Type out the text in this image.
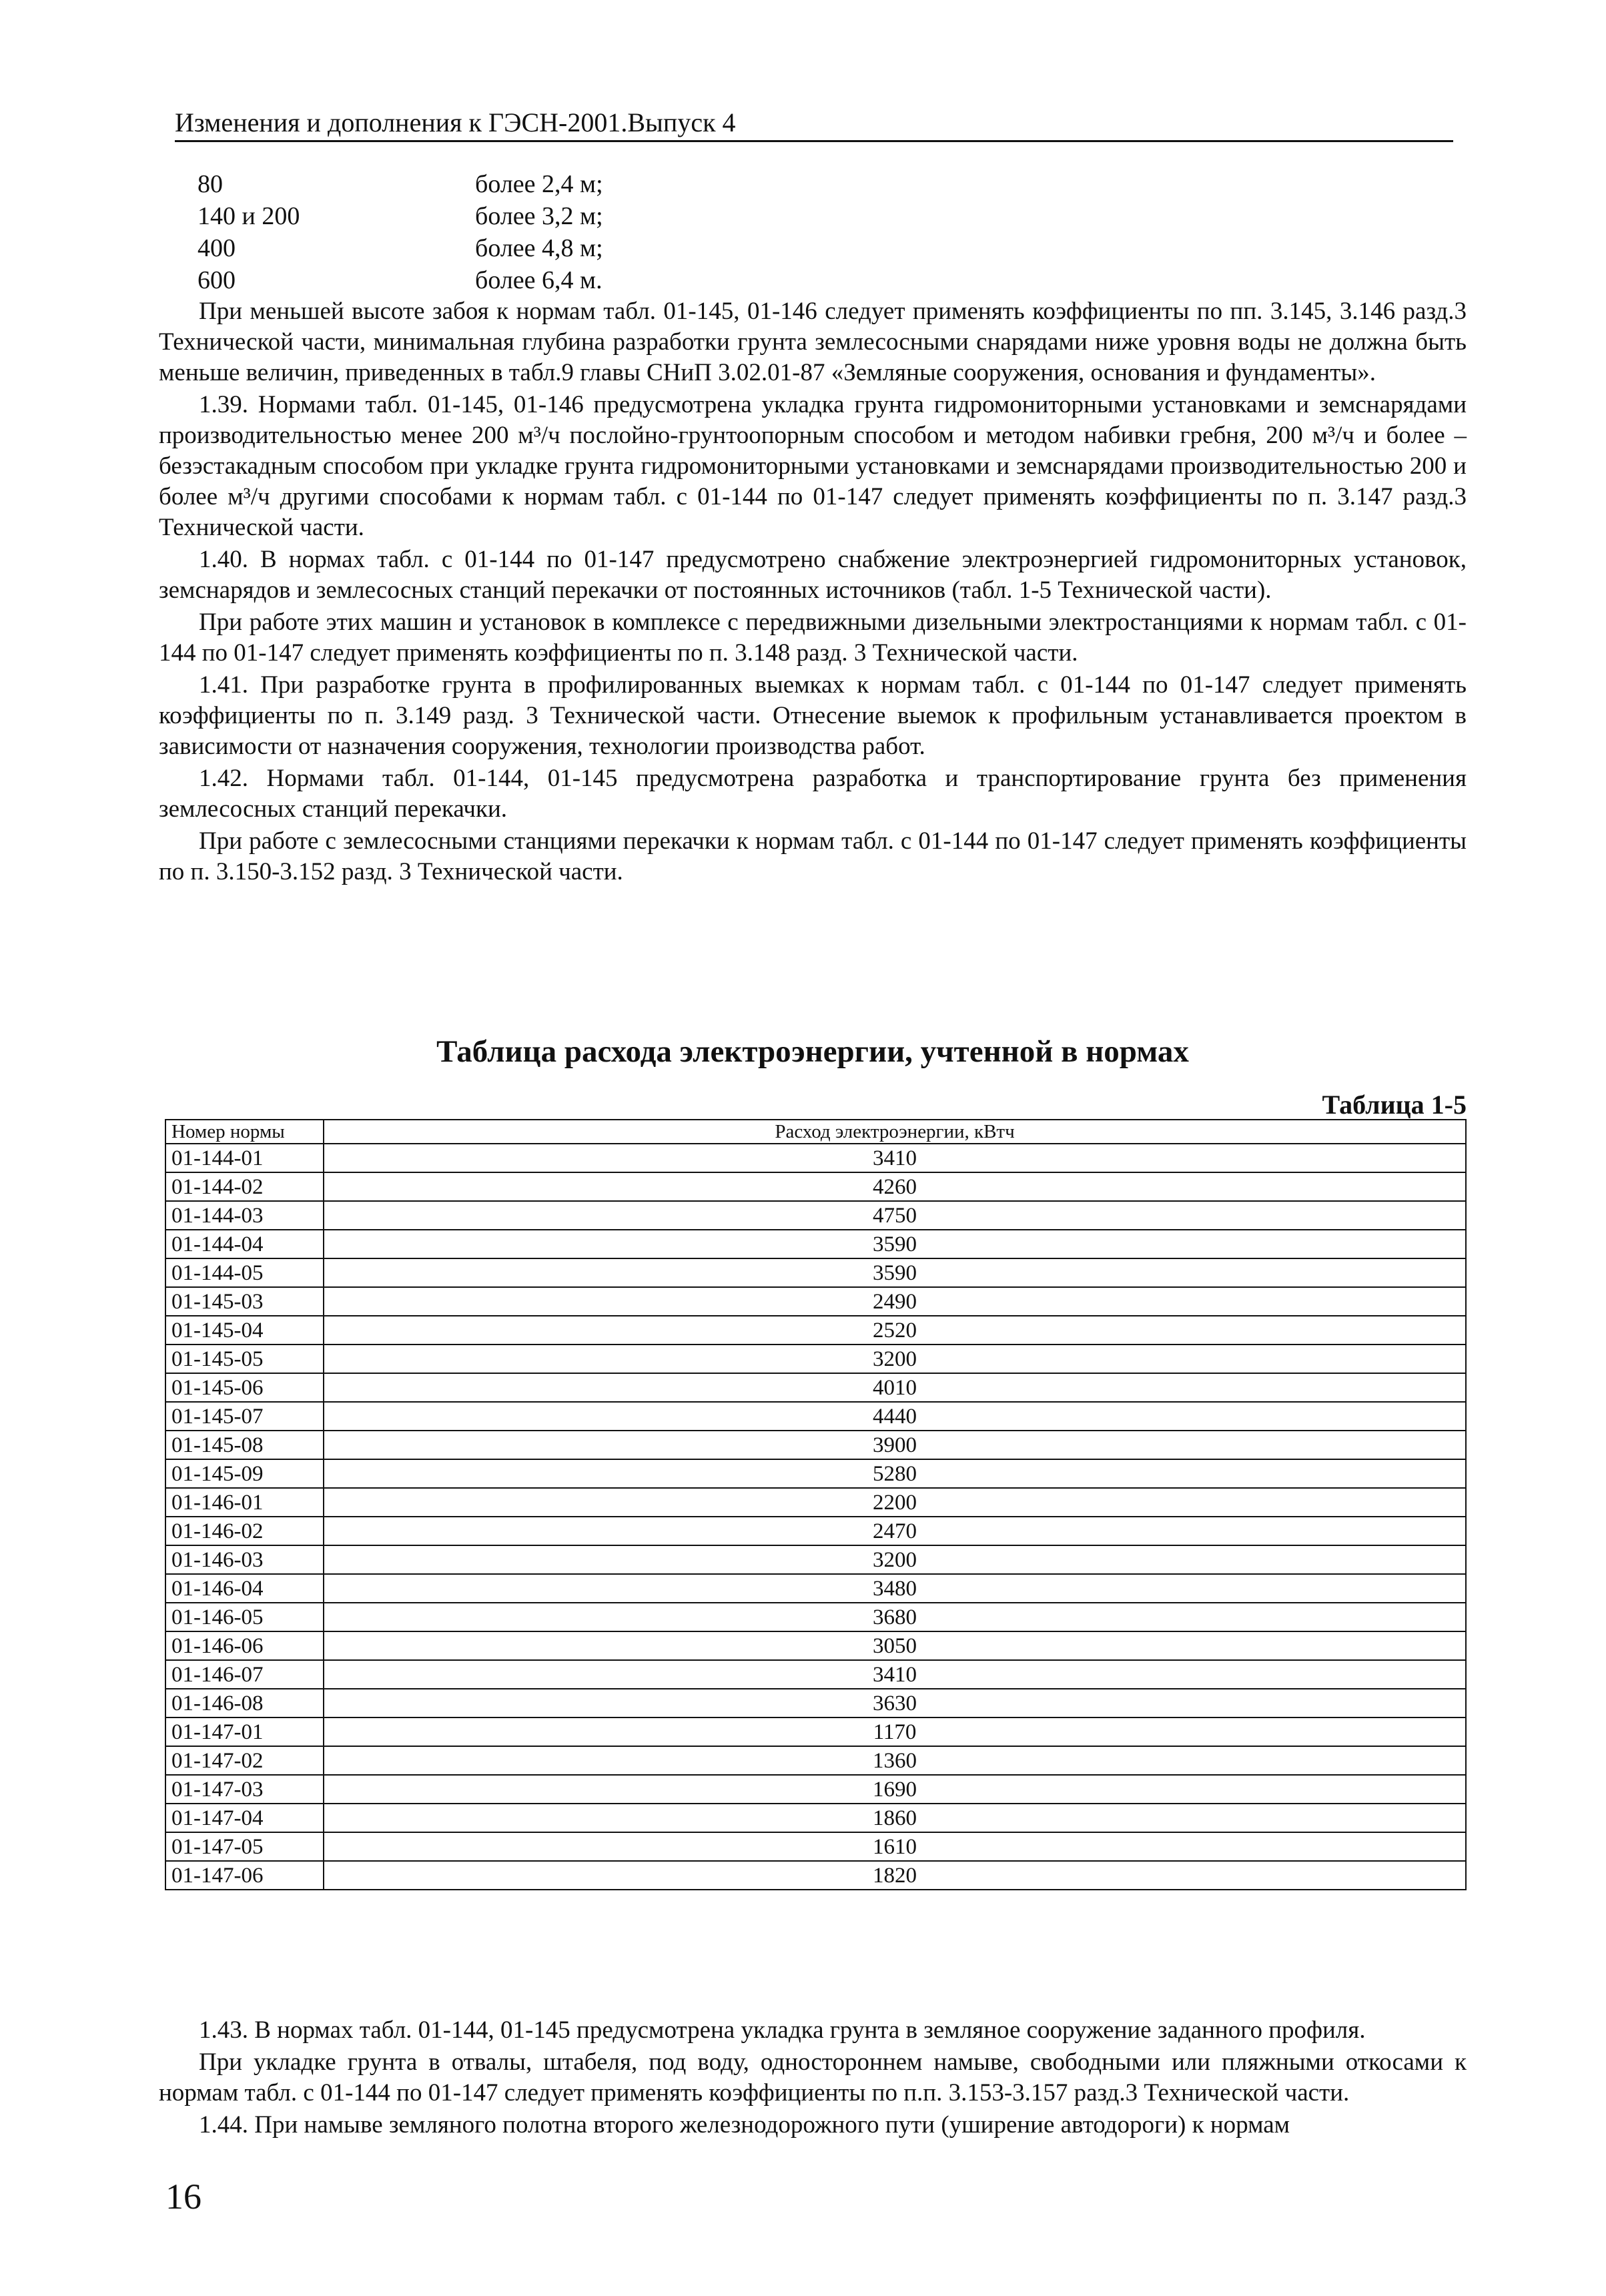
Изменения и дополнения к ГЭСН-2001.Выпуск 4
80	более 2,4 м;
140 и 200	более 3,2 м;
400	более 4,8 м;
600	более 6,4 м.

При меньшей высоте забоя к нормам табл. 01-145, 01-146 следует применять коэффициенты по пп. 3.145, 3.146 разд.3 Технической части, минимальная глубина разработки грунта землесосными снарядами ниже уровня воды не должна быть меньше величин, приведенных в табл.9 главы СНиП 3.02.01-87 «Земляные сооружения, основания и фундаменты».

1.39. Нормами табл. 01-145, 01-146 предусмотрена укладка грунта гидромониторными установками и земснарядами производительностью менее 200 м³/ч послойно-грунтоопорным способом и методом набивки гребня, 200 м³/ч и более – безэстакадным способом при укладке грунта гидромониторными установками и земснарядами производительностью 200 и более м³/ч другими способами к нормам табл. с 01-144 по 01-147 следует применять коэффициенты по п. 3.147 разд.3 Технической части.

1.40. В нормах табл. с 01-144 по 01-147 предусмотрено снабжение электроэнергией гидромониторных установок, земснарядов и землесосных станций перекачки от постоянных источников (табл. 1-5 Технической части).

При работе этих машин и установок в комплексе с передвижными дизельными электростанциями к нормам табл. с 01-144 по 01-147 следует применять коэффициенты по п. 3.148 разд. 3 Технической части.

1.41. При разработке грунта в профилированных выемках к нормам табл. с 01-144 по 01-147 следует применять коэффициенты по п. 3.149 разд. 3 Технической части. Отнесение выемок к профильным устанавливается проектом в зависимости от назначения сооружения, технологии производства работ.

1.42. Нормами табл. 01-144, 01-145 предусмотрена разработка и транспортирование грунта без применения землесосных станций перекачки.

При работе с землесосными станциями перекачки к нормам табл. с 01-144 по 01-147 следует применять коэффициенты по п. 3.150-3.152 разд. 3 Технической части.

Таблица расхода электроэнергии, учтенной в нормах
Таблица 1-5
Номер нормы	Расход электроэнергии, кВтч
01-144-01	3410
01-144-02	4260
01-144-03	4750
01-144-04	3590
01-144-05	3590
01-145-03	2490
01-145-04	2520
01-145-05	3200
01-145-06	4010
01-145-07	4440
01-145-08	3900
01-145-09	5280
01-146-01	2200
01-146-02	2470
01-146-03	3200
01-146-04	3480
01-146-05	3680
01-146-06	3050
01-146-07	3410
01-146-08	3630
01-147-01	1170
01-147-02	1360
01-147-03	1690
01-147-04	1860
01-147-05	1610
01-147-06	1820

1.43. В нормах табл. 01-144, 01-145 предусмотрена укладка грунта в земляное сооружение заданного профиля.

При укладке грунта в отвалы, штабеля, под воду, одностороннем намыве, свободными или пляжными откосами к нормам табл. с 01-144 по 01-147 следует применять коэффициенты по п.п. 3.153-3.157 разд.3 Технической части.

1.44. При намыве земляного полотна второго железнодорожного пути (уширение автодороги) к нормам

16
